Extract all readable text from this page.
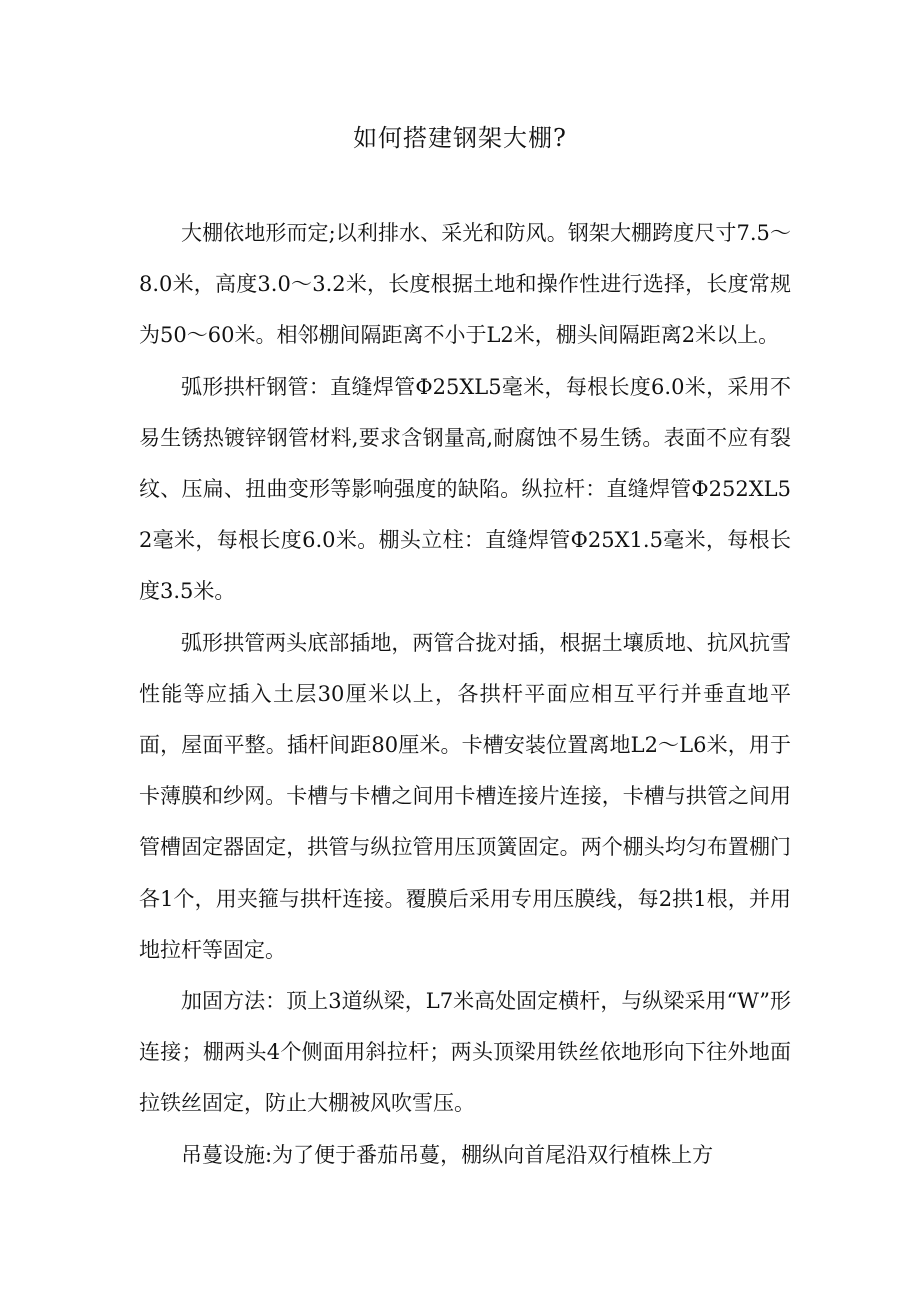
如何搭建钢架大棚?

大棚依地形而定;以利排水、采光和防风。钢架大棚跨度尺寸7.5～8.0米，高度3.0～3.2米，长度根据土地和操作性进行选择，长度常规为50～60米。相邻棚间隔距离不小于L2米，棚头间隔距离2米以上。

弧形拱杆钢管：直缝焊管Φ25XL5毫米，每根长度6.0米，采用不易生锈热镀锌钢管材料,要求含钢量高,耐腐蚀不易生锈。表面不应有裂纹、压扁、扭曲变形等影响强度的缺陷。纵拉杆：直缝焊管Φ252XL52毫米，每根长度6.0米。棚头立柱：直缝焊管Φ25X1.5毫米，每根长度3.5米。

弧形拱管两头底部插地，两管合拢对插，根据土壤质地、抗风抗雪性能等应插入土层30厘米以上，各拱杆平面应相互平行并垂直地平面，屋面平整。插杆间距80厘米。卡槽安装位置离地L2～L6米，用于卡薄膜和纱网。卡槽与卡槽之间用卡槽连接片连接，卡槽与拱管之间用管槽固定器固定，拱管与纵拉管用压顶簧固定。两个棚头均匀布置棚门各1个，用夹箍与拱杆连接。覆膜后采用专用压膜线，每2拱1根，并用地拉杆等固定。

加固方法：顶上3道纵梁，L7米高处固定横杆，与纵梁采用“W”形连接；棚两头4个侧面用斜拉杆；两头顶梁用铁丝依地形向下往外地面拉铁丝固定，防止大棚被风吹雪压。

吊蔓设施:为了便于番茄吊蔓，棚纵向首尾沿双行植株上方
